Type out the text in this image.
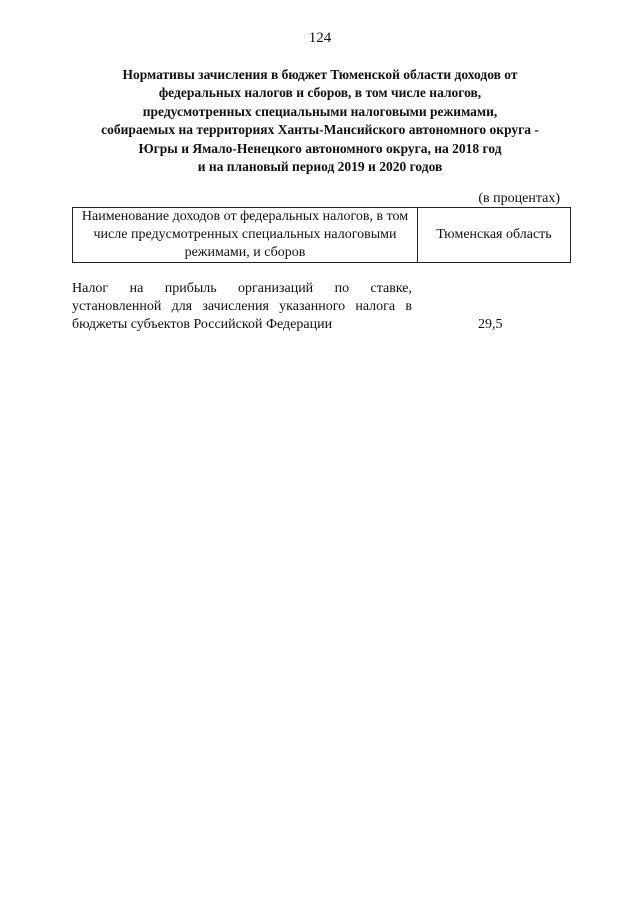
124
Нормативы зачисления в бюджет Тюменской области доходов от
федеральных налогов и сборов, в том числе налогов,
предусмотренных специальными налоговыми режимами,
собираемых на территориях Ханты-Мансийского автономного округа -
Югры и Ямало-Ненецкого автономного округа, на 2018 год
и на плановый период 2019 и 2020 годов
(в процентах)
Наименование доходов от федеральных налогов, в том числе предусмотренных специальных налоговыми режимами, и сборов	Тюменская область
Налог на прибыль организаций по ставке, установленной для зачисления указанного налога в бюджеты субъектов Российской Федерации	29,5
